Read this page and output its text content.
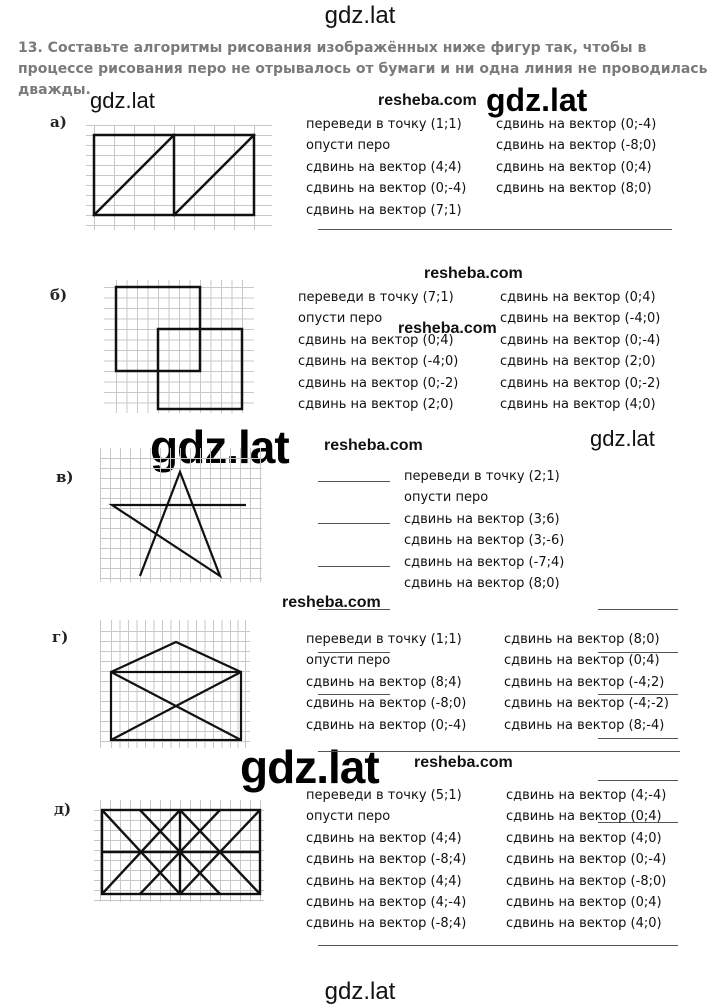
gdz.lat
gdz.lat	gdz.lat
gdz.lat
gdz.lat
gdz.lat
gdz.lat
resheba.com
resheba.com
resheba.com
resheba.com
resheba.com
resheba.com
13. Составьте алгоритмы рисования изображённых ниже фигур так, чтобы в процессе рисования перо не отрывалось от бумаги и ни одна линия не проводилась дважды.
а)	переведи в точку (1;1)
опусти перо
сдвинь на вектор (4;4)
сдвинь на вектор (0;-4)
сдвинь на вектор (7;1)
сдвинь на вектор (0;-4)
сдвинь на вектор (-8;0)
сдвинь на вектор (0;4)
сдвинь на вектор (8;0)
б)	переведи в точку (7;1)
опусти перо
сдвинь на вектор (0;4)
сдвинь на вектор (-4;0)
сдвинь на вектор (0;-2)
сдвинь на вектор (2;0)
сдвинь на вектор (0;4)
сдвинь на вектор (-4;0)
сдвинь на вектор (0;-4)
сдвинь на вектор (2;0)
сдвинь на вектор (0;-2)
сдвинь на вектор (4;0)
в)	переведи в точку (2;1)
опусти перо
сдвинь на вектор (3;6)
сдвинь на вектор (3;-6)
сдвинь на вектор (-7;4)
сдвинь на вектор (8;0)
г)	переведи в точку (1;1)
опусти перо
сдвинь на вектор (8;4)
сдвинь на вектор (-8;0)
сдвинь на вектор (0;-4)
сдвинь на вектор (8;0)
сдвинь на вектор (0;4)
сдвинь на вектор (-4;2)
сдвинь на вектор (-4;-2)
сдвинь на вектор (8;-4)
д)
переведи в точку (5;1)
опусти перо
сдвинь на вектор (4;4)
сдвинь на вектор (-8;4)
сдвинь на вектор (4;4)
сдвинь на вектор (4;-4)
сдвинь на вектор (-8;4)
сдвинь на вектор (4;-4)
сдвинь на вектор (0;4)
сдвинь на вектор (4;0)
сдвинь на вектор (0;-4)
сдвинь на вектор (-8;0)
сдвинь на вектор (0;4)
сдвинь на вектор (4;0)
